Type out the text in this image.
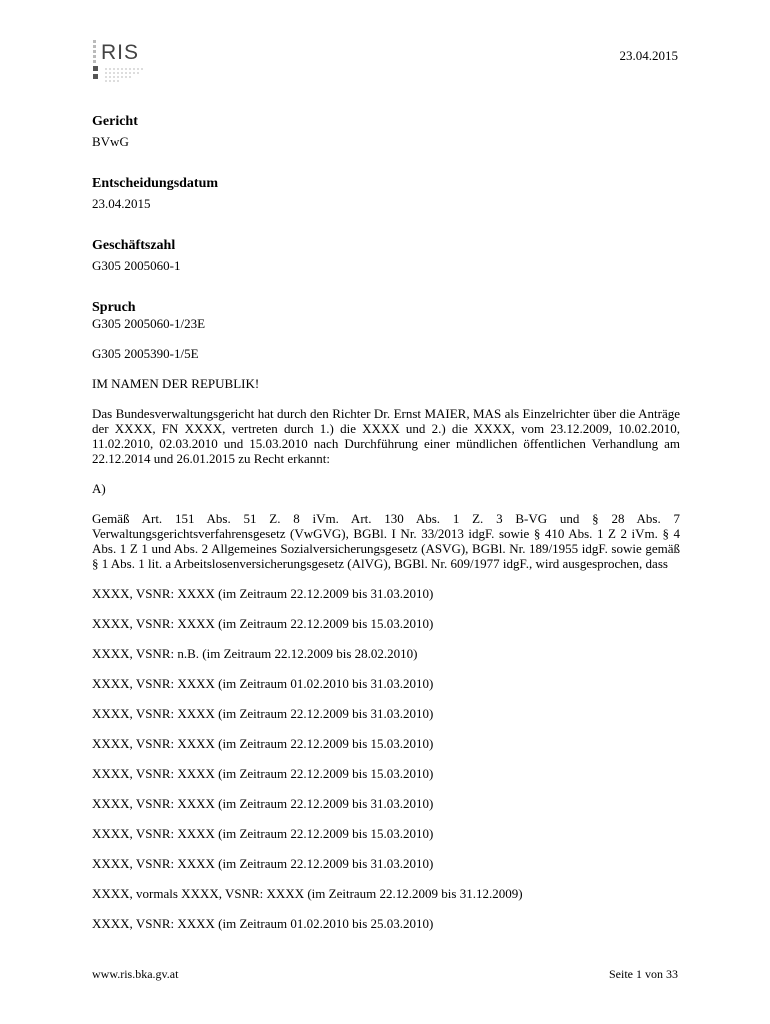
RIS	23.04.2015

Gericht

BVwG

Entscheidungsdatum

23.04.2015

Geschäftszahl

G305 2005060-1

Spruch

G305 2005060-1/23E

G305 2005390-1/5E

IM NAMEN DER REPUBLIK!

Das Bundesverwaltungsgericht hat durch den Richter Dr. Ernst MAIER, MAS als Einzelrichter über die Anträge der XXXX, FN XXXX, vertreten durch 1.) die XXXX und 2.) die XXXX, vom 23.12.2009, 10.02.2010, 11.02.2010, 02.03.2010 und 15.03.2010 nach Durchführung einer mündlichen öffentlichen Verhandlung am 22.12.2014 und 26.01.2015 zu Recht erkannt:

A)

Gemäß Art. 151 Abs. 51 Z. 8 iVm. Art. 130 Abs. 1 Z. 3 B-VG und § 28 Abs. 7 Verwaltungsgerichtsverfahrensgesetz (VwGVG), BGBl. I Nr. 33/2013 idgF. sowie § 410 Abs. 1 Z 2 iVm. § 4 Abs. 1 Z 1 und Abs. 2 Allgemeines Sozialversicherungsgesetz (ASVG), BGBl. Nr. 189/1955 idgF. sowie gemäß § 1 Abs. 1 lit. a Arbeitslosenversicherungsgesetz (AlVG), BGBl. Nr. 609/1977 idgF., wird ausgesprochen, dass

XXXX, VSNR: XXXX (im Zeitraum 22.12.2009 bis 31.03.2010)

XXXX, VSNR: XXXX (im Zeitraum 22.12.2009 bis 15.03.2010)

XXXX, VSNR: n.B. (im Zeitraum 22.12.2009 bis 28.02.2010)

XXXX, VSNR: XXXX (im Zeitraum 01.02.2010 bis 31.03.2010)

XXXX, VSNR: XXXX (im Zeitraum 22.12.2009 bis 31.03.2010)

XXXX, VSNR: XXXX (im Zeitraum 22.12.2009 bis 15.03.2010)

XXXX, VSNR: XXXX (im Zeitraum 22.12.2009 bis 15.03.2010)

XXXX, VSNR: XXXX (im Zeitraum 22.12.2009 bis 31.03.2010)

XXXX, VSNR: XXXX (im Zeitraum 22.12.2009 bis 15.03.2010)

XXXX, VSNR: XXXX (im Zeitraum 22.12.2009 bis 31.03.2010)

XXXX, vormals XXXX, VSNR: XXXX (im Zeitraum 22.12.2009 bis 31.12.2009)

XXXX, VSNR: XXXX (im Zeitraum 01.02.2010 bis 25.03.2010)

www.ris.bka.gv.at	Seite 1 von 33
